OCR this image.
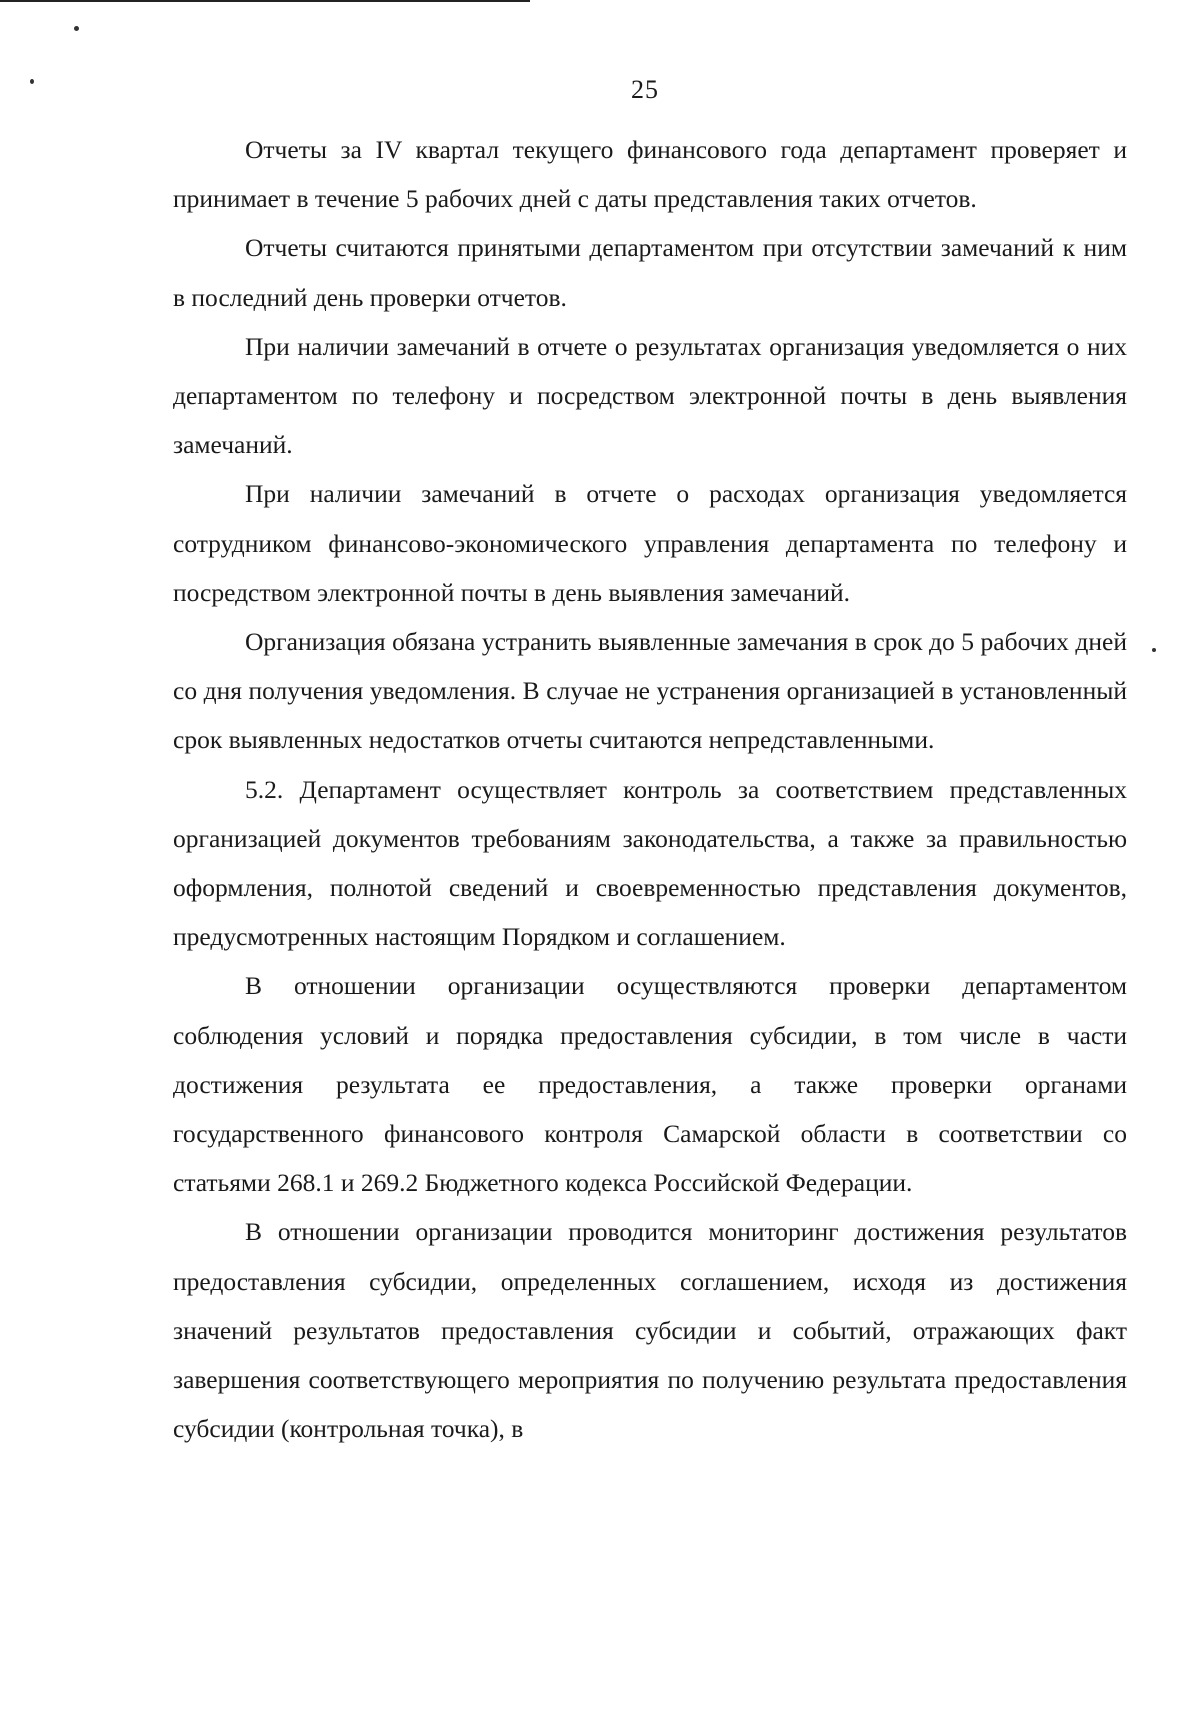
25

Отчеты за IV квартал текущего финансового года департамент проверяет и принимает в течение 5 рабочих дней с даты представления таких отчетов.

Отчеты считаются принятыми департаментом при отсутствии замечаний к ним в последний день проверки отчетов.

При наличии замечаний в отчете о результатах организация уведомляется о них департаментом по телефону и посредством электронной почты в день выявления замечаний.

При наличии замечаний в отчете о расходах организация уведомляется сотрудником финансово-экономического управления департамента по телефону и посредством электронной почты в день выявления замечаний.

Организация обязана устранить выявленные замечания в срок до 5 рабочих дней со дня получения уведомления. В случае не устранения организацией в установленный срок выявленных недостатков отчеты считаются непредставленными.

5.2. Департамент осуществляет контроль за соответствием представленных организацией документов требованиям законодательства, а также за правильностью оформления, полнотой сведений и своевременностью представления документов, предусмотренных настоящим Порядком и соглашением.

В отношении организации осуществляются проверки департаментом соблюдения условий и порядка предоставления субсидии, в том числе в части достижения результата ее предоставления, а также проверки органами государственного финансового контроля Самарской области в соответствии со статьями 268.1 и 269.2 Бюджетного кодекса Российской Федерации.

В отношении организации проводится мониторинг достижения результатов предоставления субсидии, определенных соглашением, исходя из достижения значений результатов предоставления субсидии и событий, отражающих факт завершения соответствующего мероприятия по получению результата предоставления субсидии (контрольная точка), в
